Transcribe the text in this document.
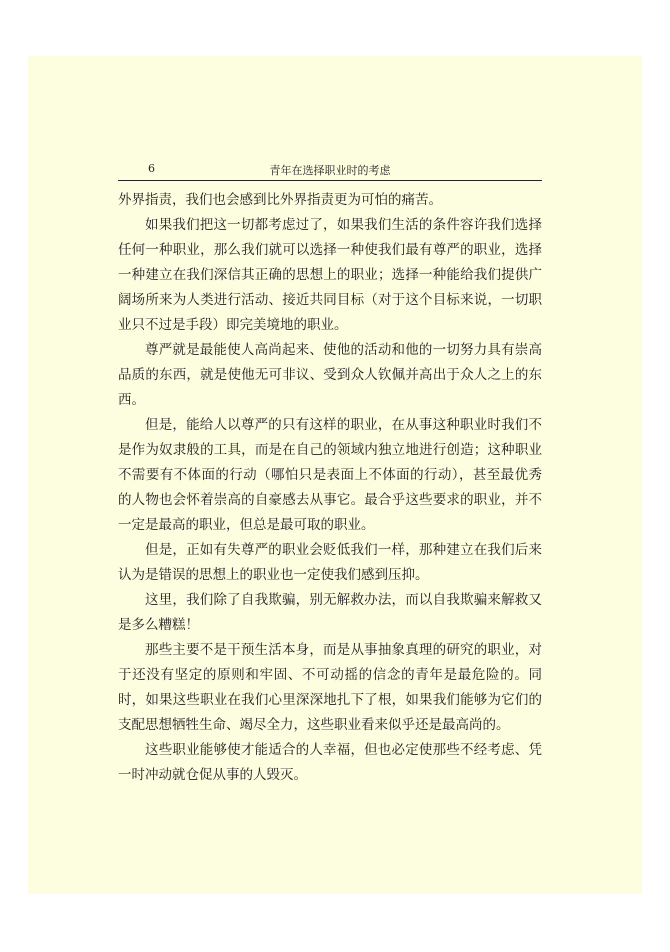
6	青年在选择职业时的考虑

外界指责，我们也会感到比外界指责更为可怕的痛苦。

如果我们把这一切都考虑过了，如果我们生活的条件容许我们选择任何一种职业，那么我们就可以选择一种使我们最有尊严的职业，选择一种建立在我们深信其正确的思想上的职业；选择一种能给我们提供广阔场所来为人类进行活动、接近共同目标（对于这个目标来说，一切职业只不过是手段）即完美境地的职业。

尊严就是最能使人高尚起来、使他的活动和他的一切努力具有崇高品质的东西，就是使他无可非议、受到众人钦佩并高出于众人之上的东西。

但是，能给人以尊严的只有这样的职业，在从事这种职业时我们不是作为奴隶般的工具，而是在自己的领域内独立地进行创造；这种职业不需要有不体面的行动（哪怕只是表面上不体面的行动），甚至最优秀的人物也会怀着崇高的自豪感去从事它。最合乎这些要求的职业，并不一定是最高的职业，但总是最可取的职业。

但是，正如有失尊严的职业会贬低我们一样，那种建立在我们后来认为是错误的思想上的职业也一定使我们感到压抑。

这里，我们除了自我欺骗，别无解救办法，而以自我欺骗来解救又是多么糟糕！

那些主要不是干预生活本身，而是从事抽象真理的研究的职业，对于还没有坚定的原则和牢固、不可动摇的信念的青年是最危险的。同时，如果这些职业在我们心里深深地扎下了根，如果我们能够为它们的支配思想牺牲生命、竭尽全力，这些职业看来似乎还是最高尚的。

这些职业能够使才能适合的人幸福，但也必定使那些不经考虑、凭一时冲动就仓促从事的人毁灭。
